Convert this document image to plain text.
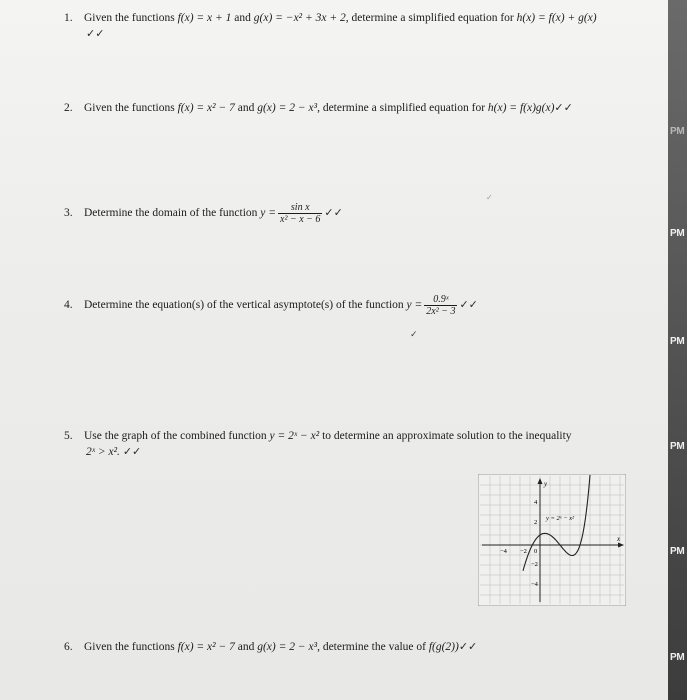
PM
PM
PM
PM
PM
PM
1. Given the functions f(x) = x + 1 and g(x) = −x² + 3x + 2, determine a simplified equation for h(x) = f(x) + g(x)
✓✓
2. Given the functions f(x) = x² − 7 and g(x) = 2 − x³, determine a simplified equation for h(x) = f(x)g(x)✓✓
3. Determine the domain of the function $y = \frac{\text{sin x}}{\text{x² − x − 6}}$ ✓✓
4. Determine the equation(s) of the vertical asymptote(s) of the function $y = \frac{\text{0.9ˣ}}{\text{2x² − 3}}$ ✓✓
✓
✓
5. Use the graph of the combined function y = 2ˣ − x² to determine an approximate solution to the inequality
2ˣ > x². ✓✓
y
x
−4 −2 0
4
2
−2
−4
y = 2ˣ − x²
6. Given the functions f(x) = x² − 7 and g(x) = 2 − x³, determine the value of f(g(2))✓✓
